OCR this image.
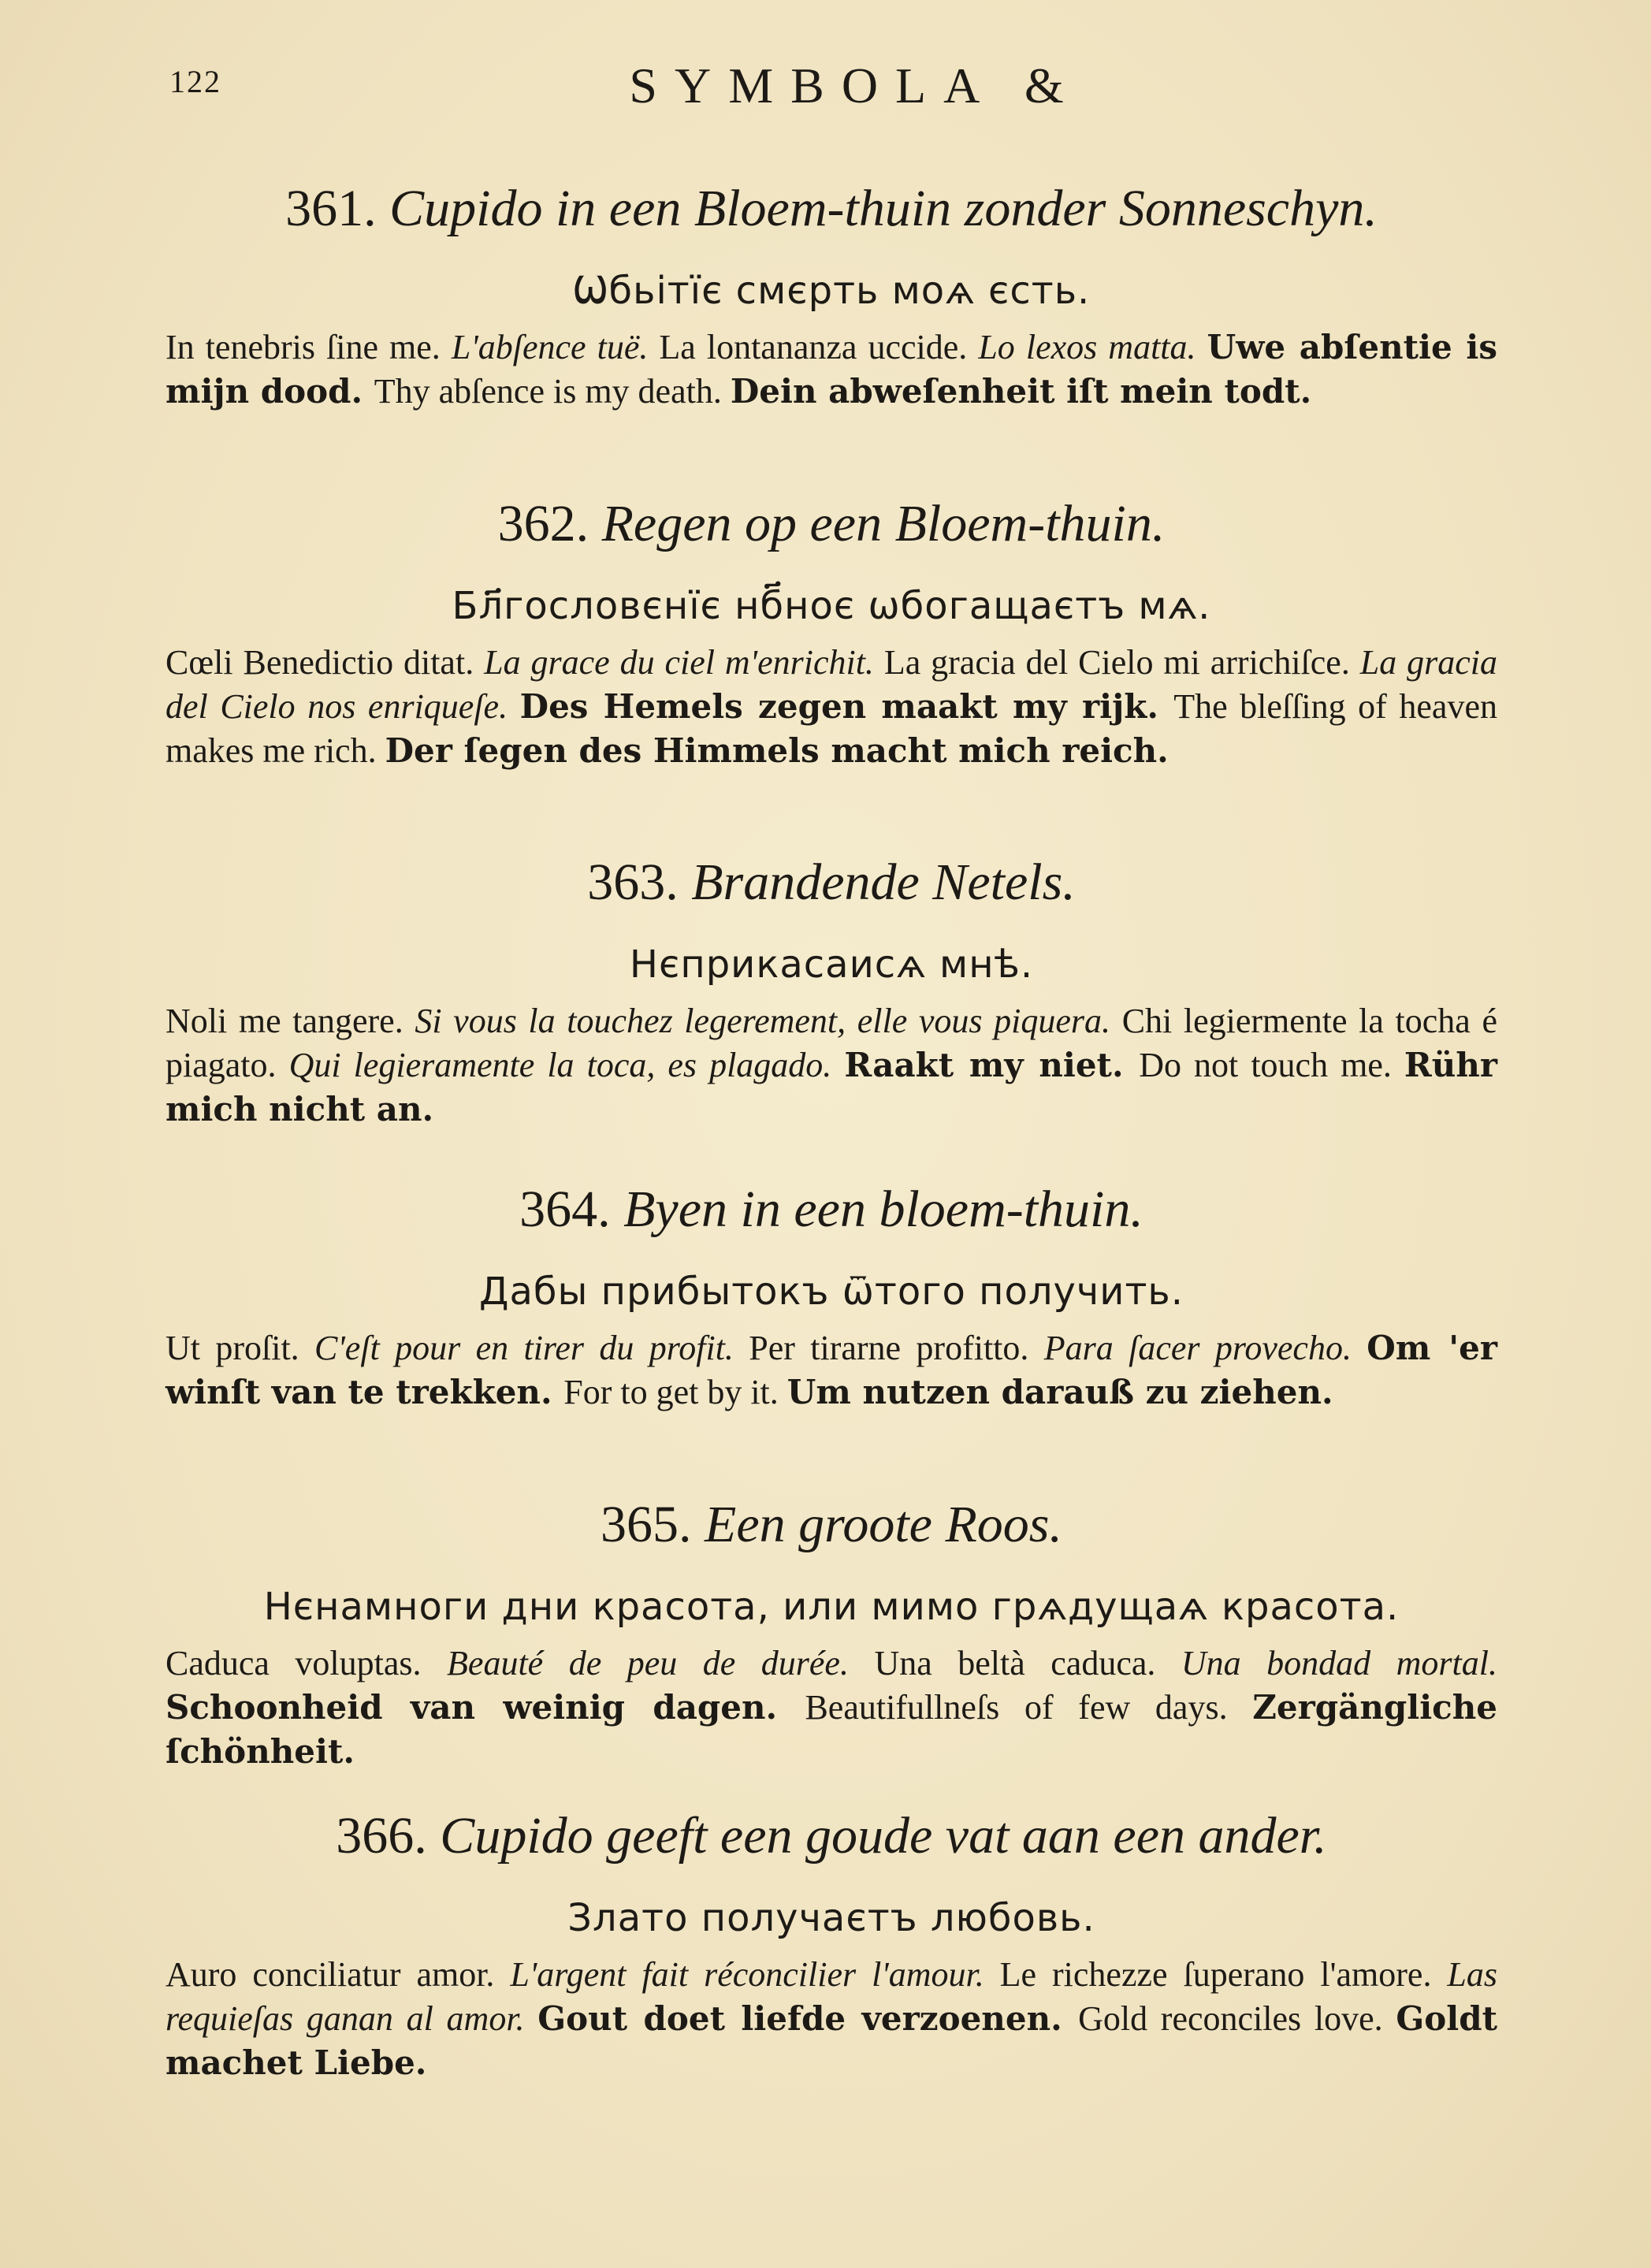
122	SYMBOLA &
361. Cupido in een Bloem-thuin zonder Sonneschyn.
Ѡбьітїє смєрть моѧ єсть.
In tenebris ſine me. L'abſence tuë. La lontananza uccide. Lo lexos matta. Uwe abſentie is mijn dood. Thy abſence is my death. Dein abweſenheit iſt mein todt.
362. Regen op een Bloem-thuin.
Бл҃гословєнїє нб҃ноє ѡбогащаєтъ мѧ.
Cœli Benedictio ditat. La grace du ciel m'enrichit. La gracia del Cielo mi arrichiſce. La gracia del Cielo nos enriqueſe. Des Hemels zegen maakt my rijk. The bleſſing of heaven makes me rich. Der ſegen des Himmels macht mich reich.
363. Brandende Netels.
Нєприкасаисѧ мнѣ.
Noli me tangere. Si vous la touchez legerement, elle vous piquera. Chi legiermente la tocha é piagato. Qui legieramente la toca, es plagado. Raakt my niet. Do not touch me. Rühr mich nicht an.
364. Byen in een bloem-thuin.
Дабы прибытокъ ѿтого получить.
Ut proſit. C'eſt pour en tirer du profit. Per tirarne profitto. Para ſacer provecho. Om 'er winſt van te trekken. For to get by it. Um nutzen darauß zu ziehen.
365. Een groote Roos.
Нєнамноги дни красота, или мимо грѧдущаѧ красота.
Caduca voluptas. Beauté de peu de durée. Una beltà caduca. Una bondad mortal. Schoonheid van weinig dagen. Beautifullneſs of few days. Zergängliche ſchönheit.
366. Cupido geeft een goude vat aan een ander.
Злато получаєтъ любовь.
Auro conciliatur amor. L'argent fait réconcilier l'amour. Le richezze ſuperano l'amore. Las requieſas ganan al amor. Gout doet liefde verzoenen. Gold reconciles love. Goldt machet Liebe.
